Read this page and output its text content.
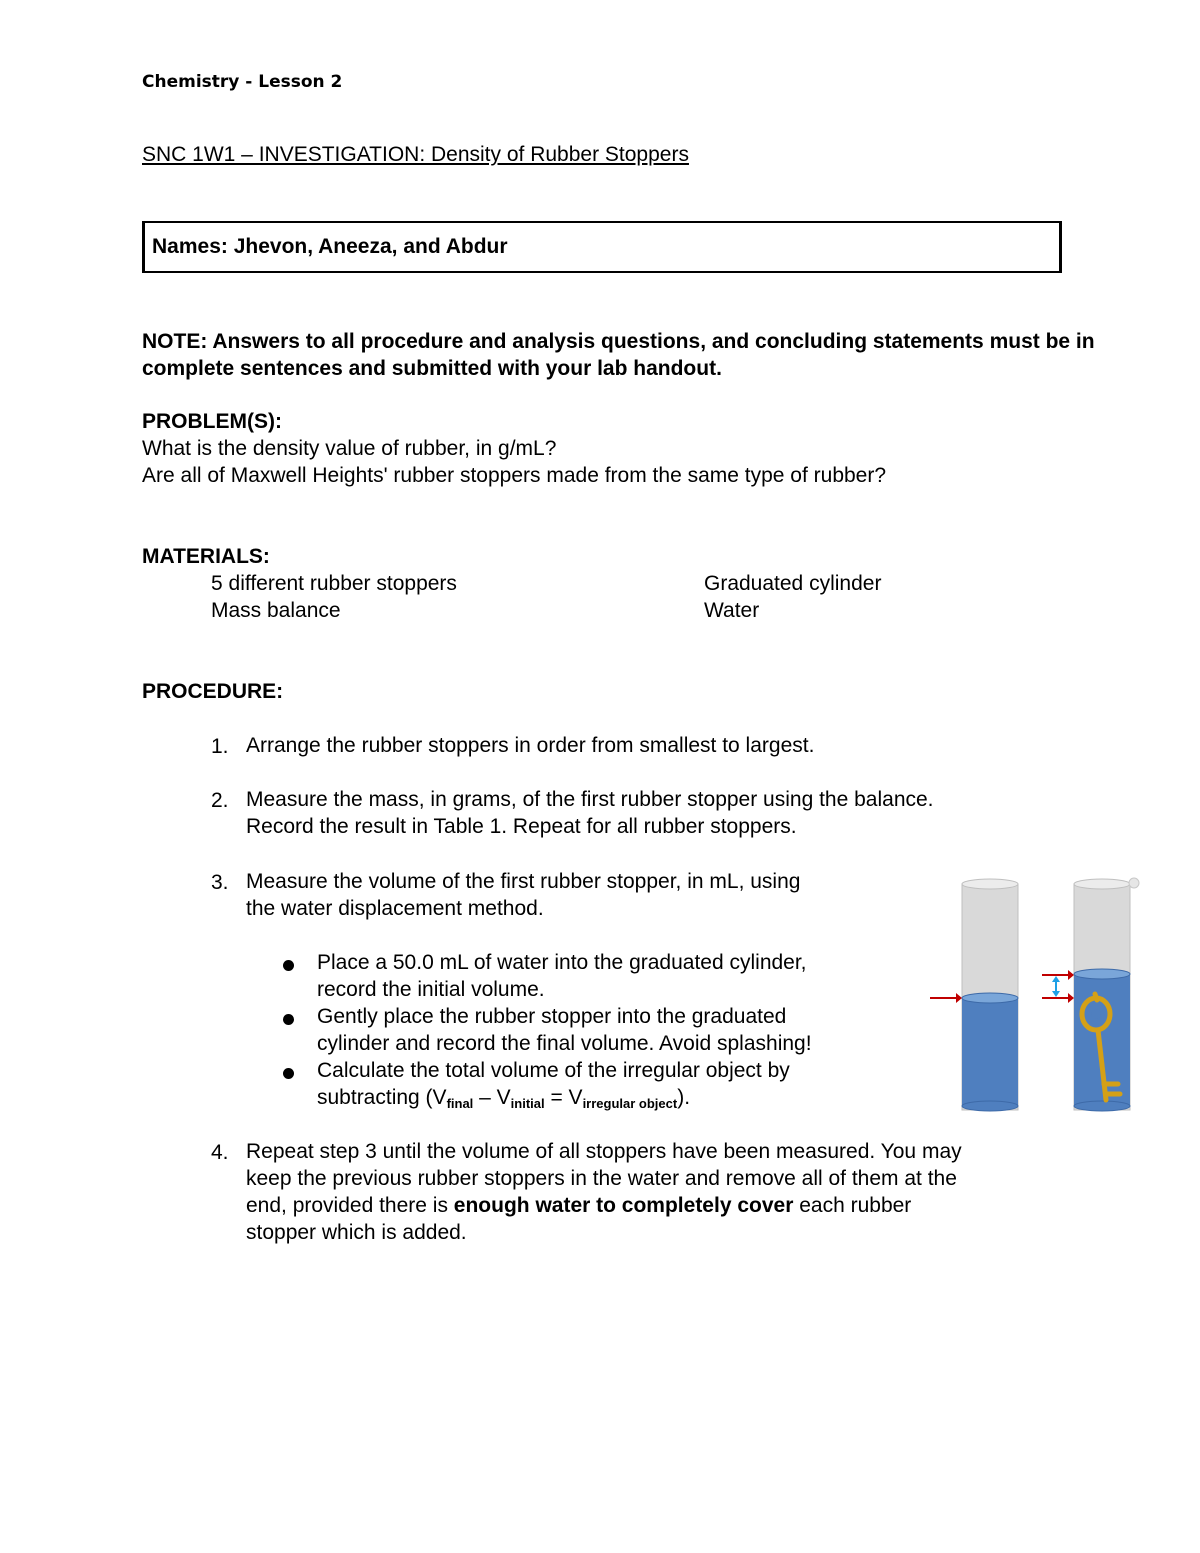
Chemistry - Lesson 2
SNC 1W1 – INVESTIGATION: Density of Rubber Stoppers
Names: Jhevon, Aneeza, and Abdur
NOTE: Answers to all procedure and analysis questions, and concluding statements must be in complete sentences and submitted with your lab handout.
PROBLEM(S):
What is the density value of rubber, in g/mL?
Are all of Maxwell Heights' rubber stoppers made from the same type of rubber?
MATERIALS:
5 different rubber stoppers	Graduated cylinder
Mass balance	Water
PROCEDURE:
1. Arrange the rubber stoppers in order from smallest to largest.
2. Measure the mass, in grams, of the first rubber stopper using the balance.
Record the result in Table 1. Repeat for all rubber stoppers.
3. Measure the volume of the first rubber stopper, in mL, using
the water displacement method.
Place a 50.0 mL of water into the graduated cylinder,
record the initial volume.
Gently place the rubber stopper into the graduated
cylinder and record the final volume. Avoid splashing!
Calculate the total volume of the irregular object by
subtracting $(V_{final} - V_{initial} = V_{irregular object})$.
4. Repeat step 3 until the volume of all stoppers have been measured. You may
keep the previous rubber stoppers in the water and remove all of them at the
end, provided there is enough water to completely cover each rubber
stopper which is added.
